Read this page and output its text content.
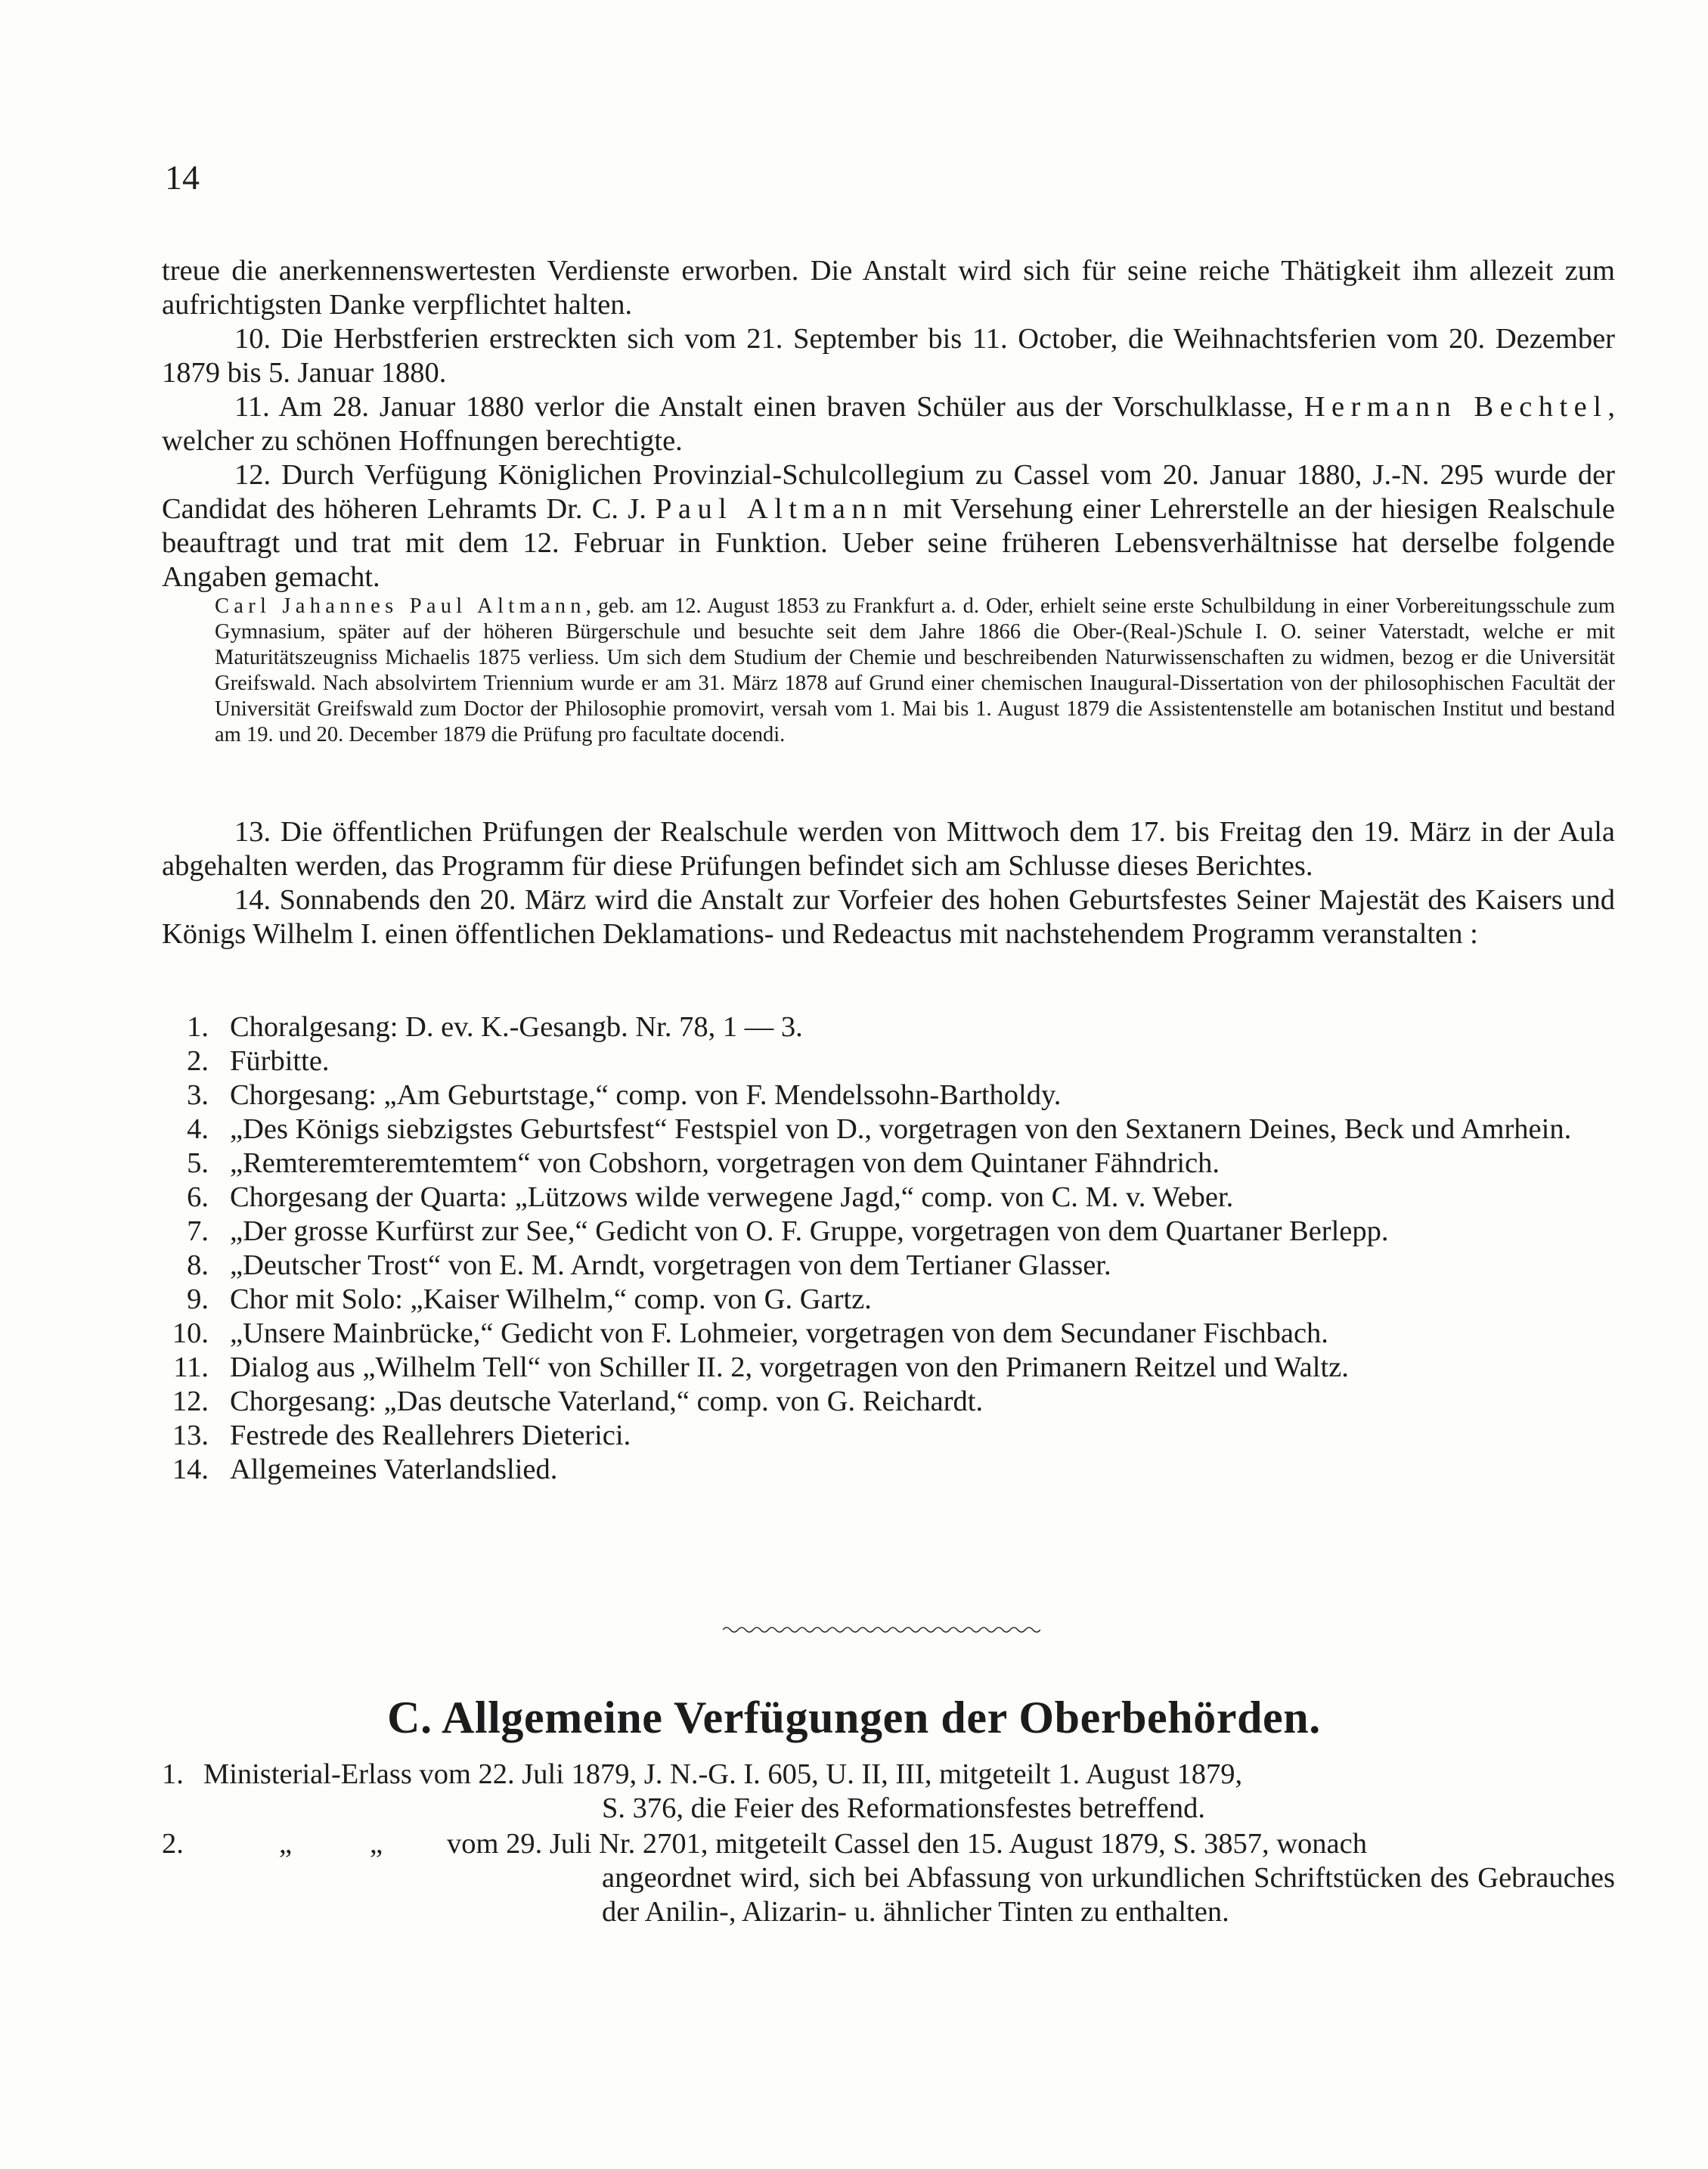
14

treue die anerkennenswertesten Verdienste erworben. Die Anstalt wird sich für seine reiche Thätigkeit ihm allezeit zum aufrichtigsten Danke verpflichtet halten.

10. Die Herbstferien erstreckten sich vom 21. September bis 11. October, die Weihnachtsferien vom 20. Dezember 1879 bis 5. Januar 1880.

11. Am 28. Januar 1880 verlor die Anstalt einen braven Schüler aus der Vorschulklasse, Hermann Bechtel, welcher zu schönen Hoffnungen berechtigte.

12. Durch Verfügung Königlichen Provinzial-Schulcollegium zu Cassel vom 20. Januar 1880, J.-N. 295 wurde der Candidat des höheren Lehramts Dr. C. J. Paul Altmann mit Versehung einer Lehrerstelle an der hiesigen Realschule beauftragt und trat mit dem 12. Februar in Funktion. Ueber seine früheren Lebensverhältnisse hat derselbe folgende Angaben gemacht.

Carl Jahannes Paul Altmann, geb. am 12. August 1853 zu Frankfurt a. d. Oder, erhielt seine erste Schulbildung in einer Vorbereitungsschule zum Gymnasium, später auf der höheren Bürgerschule und besuchte seit dem Jahre 1866 die Ober-(Real-)Schule I. O. seiner Vaterstadt, welche er mit Maturitätszeugniss Michaelis 1875 verliess. Um sich dem Studium der Chemie und beschreibenden Naturwissenschaften zu widmen, bezog er die Universität Greifswald. Nach absolvirtem Triennium wurde er am 31. März 1878 auf Grund einer chemischen Inaugural-Dissertation von der philosophischen Facultät der Universität Greifswald zum Doctor der Philosophie promovirt, versah vom 1. Mai bis 1. August 1879 die Assistentenstelle am botanischen Institut und bestand am 19. und 20. December 1879 die Prüfung pro facultate docendi.

13. Die öffentlichen Prüfungen der Realschule werden von Mittwoch dem 17. bis Freitag den 19. März in der Aula abgehalten werden, das Programm für diese Prüfungen befindet sich am Schlusse dieses Berichtes.

14. Sonnabends den 20. März wird die Anstalt zur Vorfeier des hohen Geburtsfestes Seiner Majestät des Kaisers und Königs Wilhelm I. einen öffentlichen Deklamations- und Redeactus mit nachstehendem Programm veranstalten :

1. Choralgesang: D. ev. K.-Gesangb. Nr. 78, 1 — 3.
2. Fürbitte.
3. Chorgesang: „Am Geburtstage,“ comp. von F. Mendelssohn-Bartholdy.
4. „Des Königs siebzigstes Geburtsfest“ Festspiel von D., vorgetragen von den Sextanern Deines, Beck und Amrhein.
5. „Remteremteremtemtem“ von Cobshorn, vorgetragen von dem Quintaner Fähndrich.
6. Chorgesang der Quarta: „Lützows wilde verwegene Jagd,“ comp. von C. M. v. Weber.
7. „Der grosse Kurfürst zur See,“ Gedicht von O. F. Gruppe, vorgetragen von dem Quartaner Berlepp.
8. „Deutscher Trost“ von E. M. Arndt, vorgetragen von dem Tertianer Glasser.
9. Chor mit Solo: „Kaiser Wilhelm,“ comp. von G. Gartz.
10. „Unsere Mainbrücke,“ Gedicht von F. Lohmeier, vorgetragen von dem Secundaner Fischbach.
11. Dialog aus „Wilhelm Tell“ von Schiller II. 2, vorgetragen von den Primanern Reitzel und Waltz.
12. Chorgesang: „Das deutsche Vaterland,“ comp. von G. Reichardt.
13. Festrede des Reallehrers Dieterici.
14. Allgemeines Vaterlandslied.
C. Allgemeine Verfügungen der Oberbehörden.
1. Ministerial-Erlass vom 22. Juli 1879, J. N.-G. I. 605, U. II, III, mitgeteilt 1. August 1879,
S. 376, die Feier des Reformationsfestes betreffend.
2.	„	„ vom 29. Juli Nr. 2701, mitgeteilt Cassel den 15. August 1879, S. 3857, wonach
angeordnet wird, sich bei Abfassung von urkundlichen Schriftstücken des Gebrauches der Anilin-, Alizarin- u. ähnlicher Tinten zu enthalten.
